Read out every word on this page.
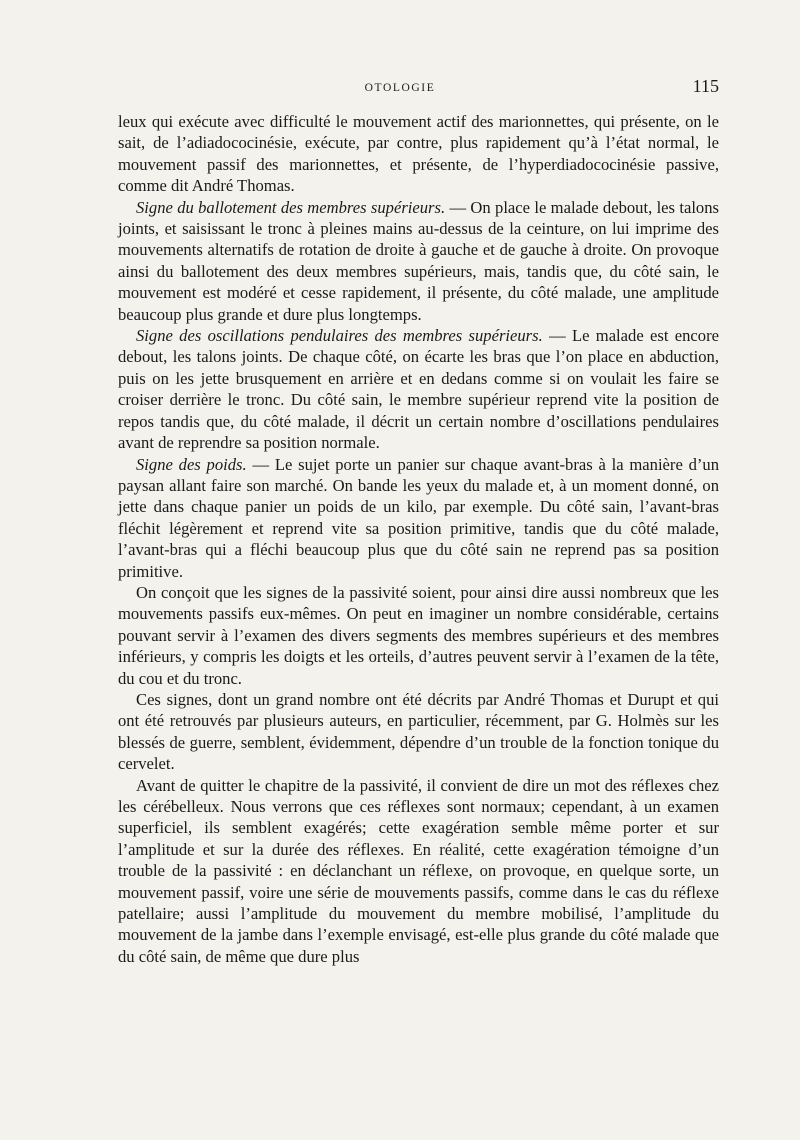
OTOLOGIE	115

leux qui exécute avec difficulté le mouvement actif des marionnettes, qui présente, on le sait, de l’adiadococinésie, exécute, par contre, plus rapidement qu’à l’état normal, le mouvement passif des marionnettes, et présente, de l’hyperdiadococinésie passive, comme dit André Thomas.

Signe du ballotement des membres supérieurs. — On place le malade debout, les talons joints, et saisissant le tronc à pleines mains au-dessus de la ceinture, on lui imprime des mouvements alternatifs de rotation de droite à gauche et de gauche à droite. On provoque ainsi du ballotement des deux membres supérieurs, mais, tandis que, du côté sain, le mouvement est modéré et cesse rapidement, il présente, du côté malade, une amplitude beaucoup plus grande et dure plus longtemps.

Signe des oscillations pendulaires des membres supérieurs. — Le malade est encore debout, les talons joints. De chaque côté, on écarte les bras que l’on place en abduction, puis on les jette brusquement en arrière et en dedans comme si on voulait les faire se croiser derrière le tronc. Du côté sain, le membre supérieur reprend vite la position de repos tandis que, du côté malade, il décrit un certain nombre d’oscillations pendulaires avant de reprendre sa position normale.

Signe des poids. — Le sujet porte un panier sur chaque avant-bras à la manière d’un paysan allant faire son marché. On bande les yeux du malade et, à un moment donné, on jette dans chaque panier un poids de un kilo, par exemple. Du côté sain, l’avant-bras fléchit légèrement et reprend vite sa position primitive, tandis que du côté malade, l’avant-bras qui a fléchi beaucoup plus que du côté sain ne reprend pas sa position primitive.

On conçoit que les signes de la passivité soient, pour ainsi dire aussi nombreux que les mouvements passifs eux-mêmes. On peut en imaginer un nombre considérable, certains pouvant servir à l’examen des divers segments des membres supérieurs et des membres inférieurs, y compris les doigts et les orteils, d’autres peuvent servir à l’examen de la tête, du cou et du tronc.

Ces signes, dont un grand nombre ont été décrits par André Thomas et Durupt et qui ont été retrouvés par plusieurs auteurs, en particulier, récemment, par G. Holmès sur les blessés de guerre, semblent, évidemment, dépendre d’un trouble de la fonction tonique du cervelet.

Avant de quitter le chapitre de la passivité, il convient de dire un mot des réflexes chez les cérébelleux. Nous verrons que ces réflexes sont normaux; cependant, à un examen superficiel, ils semblent exagérés; cette exagération semble même porter et sur l’amplitude et sur la durée des réflexes. En réalité, cette exagération témoigne d’un trouble de la passivité : en déclanchant un réflexe, on provoque, en quelque sorte, un mouvement passif, voire une série de mouvements passifs, comme dans le cas du réflexe patellaire; aussi l’amplitude du mouvement du membre mobilisé, l’amplitude du mouvement de la jambe dans l’exemple envisagé, est-elle plus grande du côté malade que du côté sain, de même que dure plus
